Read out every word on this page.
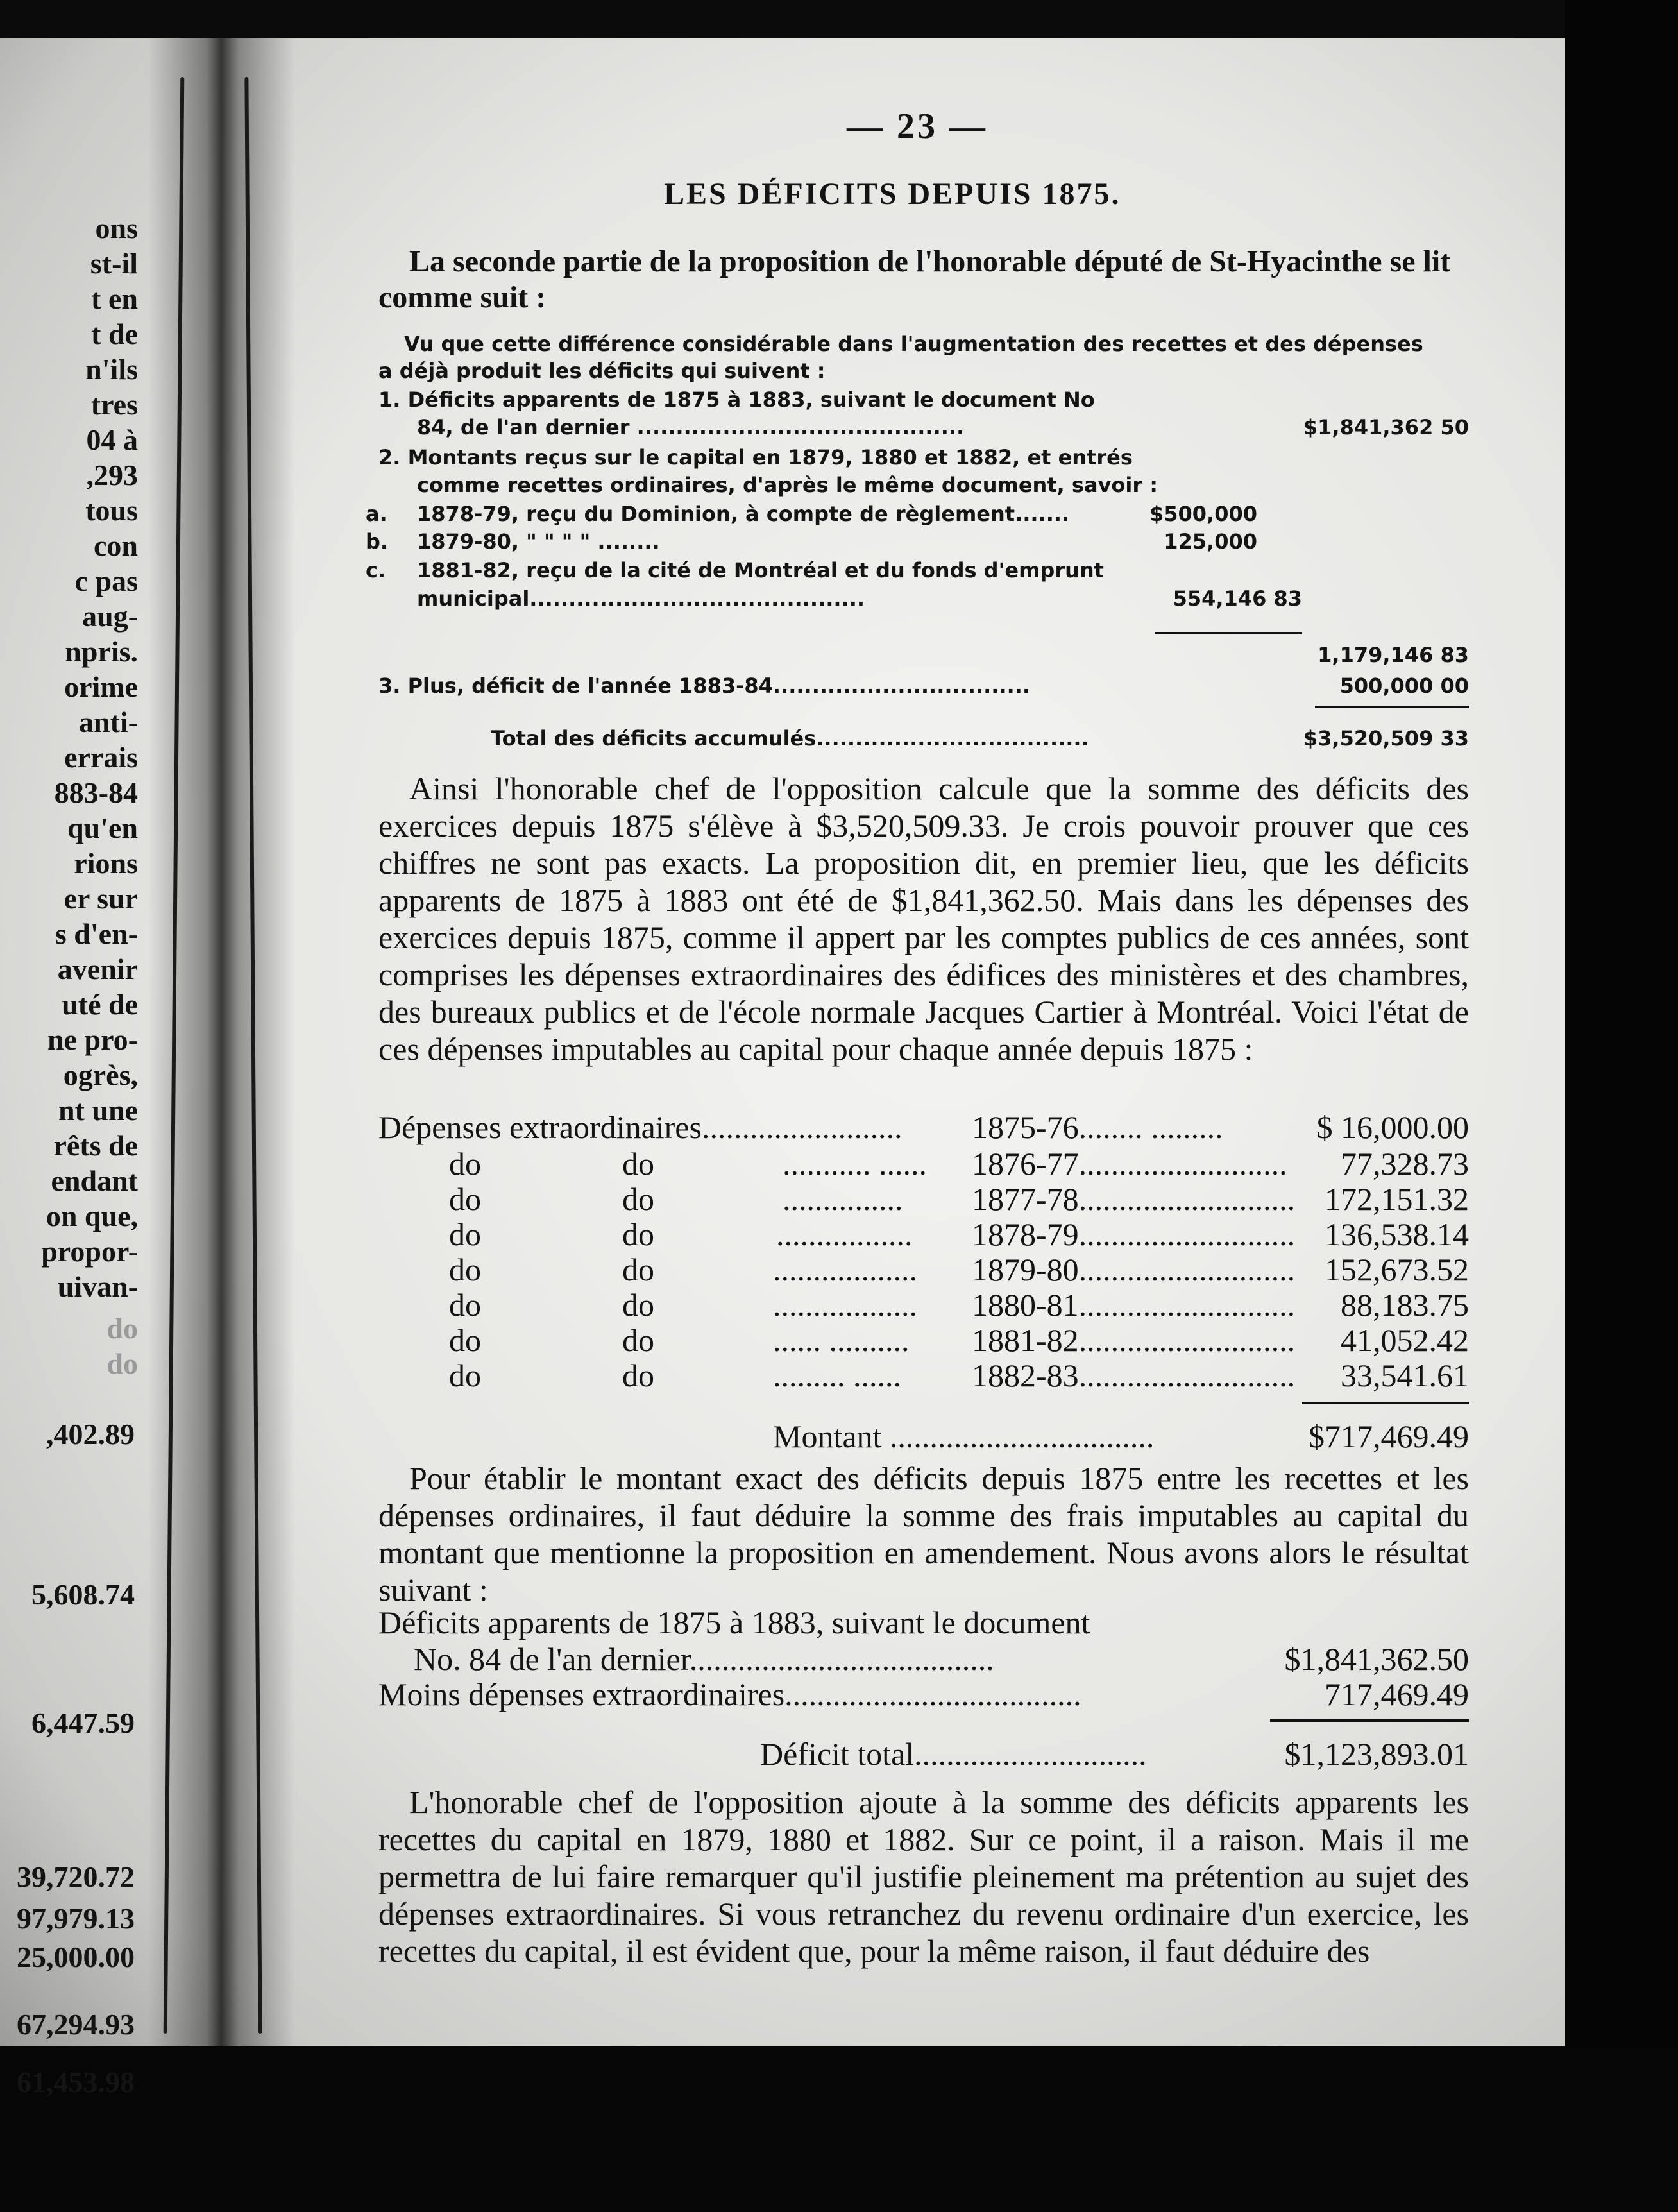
ons
st-il
t en
t de
n'ils
tres
04 à
,293
tous
con
c pas
aug-
npris.
orime
anti-
errais
883-84
qu'en
rions
er sur
s d'en-
avenir
uté de
ne pro-
ogrès,
nt une
rêts de
endant
on que,
propor-
uivan-
do
do
,402.89
5,608.74
6,447.59
39,720.72
97,979.13
25,000.00
67,294.93
61,453.98
— 23 —
LES DÉFICITS DEPUIS 1875.
La seconde partie de la proposition de l'honorable député de St-Hyacinthe se lit comme suit :
Vu que cette différence considérable dans l'augmentation des recettes et des dépenses
a déjà produit les déficits qui suivent :
1. Déficits apparents de 1875 à 1883, suivant le document No
84, de l'an dernier ..........................................	$1,841,362 50
2. Montants reçus sur le capital en 1879, 1880 et 1882, et entrés
comme recettes ordinaires, d'après le même document, savoir :
a. 1878-79, reçu du Dominion, à compte de règlement.......	$500,000
b. 1879-80, " " " " ........	125,000
c. 1881-82, reçu de la cité de Montréal et du fonds d'emprunt
municipal...........................................	554,146 83
1,179,146 83
3. Plus, déficit de l'année 1883-84.................................	500,000 00
Total des déficits accumulés...................................	$3,520,509 33
Ainsi l'honorable chef de l'opposition calcule que la somme des déficits des exercices depuis 1875 s'élève à $3,520,509.33. Je crois pouvoir prouver que ces chiffres ne sont pas exacts. La proposition dit, en premier lieu, que les déficits apparents de 1875 à 1883 ont été de $1,841,362.50. Mais dans les dépenses des exercices depuis 1875, comme il appert par les comptes publics de ces années, sont comprises les dépenses extraordinaires des édifices des ministères et des chambres, des bureaux publics et de l'école normale Jacques Cartier à Montréal. Voici l'état de ces dépenses imputables au capital pour chaque année depuis 1875 :
Dépenses extraordinaires......................... 1875-76........ .........	$ 16,000.00
do	do	........... ...... 1876-77..........................	77,328.73
do	do	............... 1877-78........................... 172,151.32
do	do	................. 1878-79........................... 136,538.14
do	do	.................. 1879-80........................... 152,673.52
do	do	.................. 1880-81...........................	88,183.75
do	do	...... .......... 1881-82...........................	41,052.42
do	do	......... ...... 1882-83...........................	33,541.61
Montant .................................	$717,469.49
Pour établir le montant exact des déficits depuis 1875 entre les recettes et les dépenses ordinaires, il faut déduire la somme des frais imputables au capital du montant que mentionne la proposition en amendement. Nous avons alors le résultat suivant :
Déficits apparents de 1875 à 1883, suivant le document
No. 84 de l'an dernier......................................	$1,841,362.50
Moins dépenses extraordinaires.....................................	717,469.49
Déficit total.............................	$1,123,893.01
L'honorable chef de l'opposition ajoute à la somme des déficits apparents les recettes du capital en 1879, 1880 et 1882. Sur ce point, il a raison. Mais il me permettra de lui faire remarquer qu'il justifie pleinement ma prétention au sujet des dépenses extraordinaires. Si vous retranchez du revenu ordinaire d'un exercice, les recettes du capital, il est évident que, pour la même raison, il faut déduire des
